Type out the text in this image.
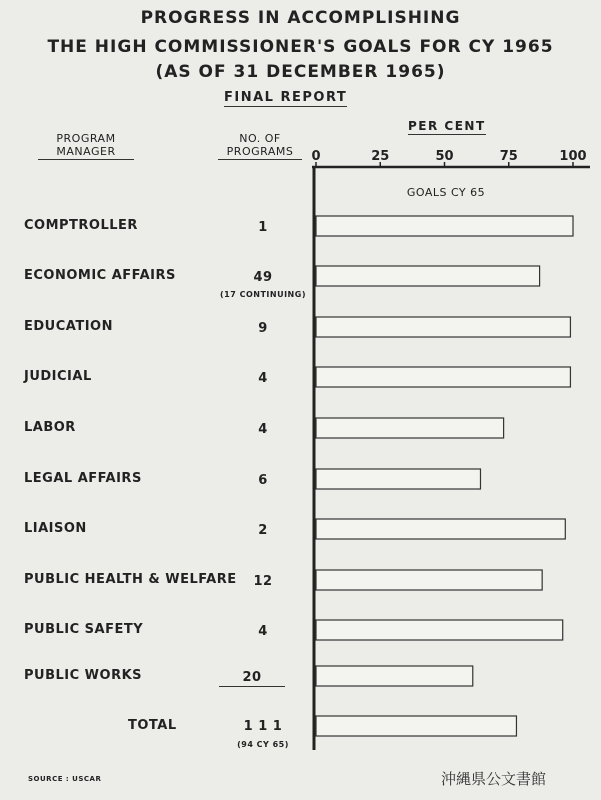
PROGRESS IN ACCOMPLISHING
THE HIGH COMMISSIONER'S GOALS FOR CY 1965
(AS OF 31 DECEMBER 1965)
FINAL REPORT
PROGRAM MANAGER
NO. OF
PROGRAMS
PER CENT
GOALS CY 65
COMPTROLLER	1
ECONOMIC AFFAIRS	49
(17 CONTINUING)
EDUCATION	9
JUDICIAL	4
LABOR	4
LEGAL AFFAIRS	6
LIAISON	2
PUBLIC HEALTH & WELFARE	12
PUBLIC SAFETY	4
PUBLIC WORKS	20
TOTAL	1 1 1
(94 CY 65)
0	25	50	75	100
SOURCE : USCAR	沖縄県公文書館
